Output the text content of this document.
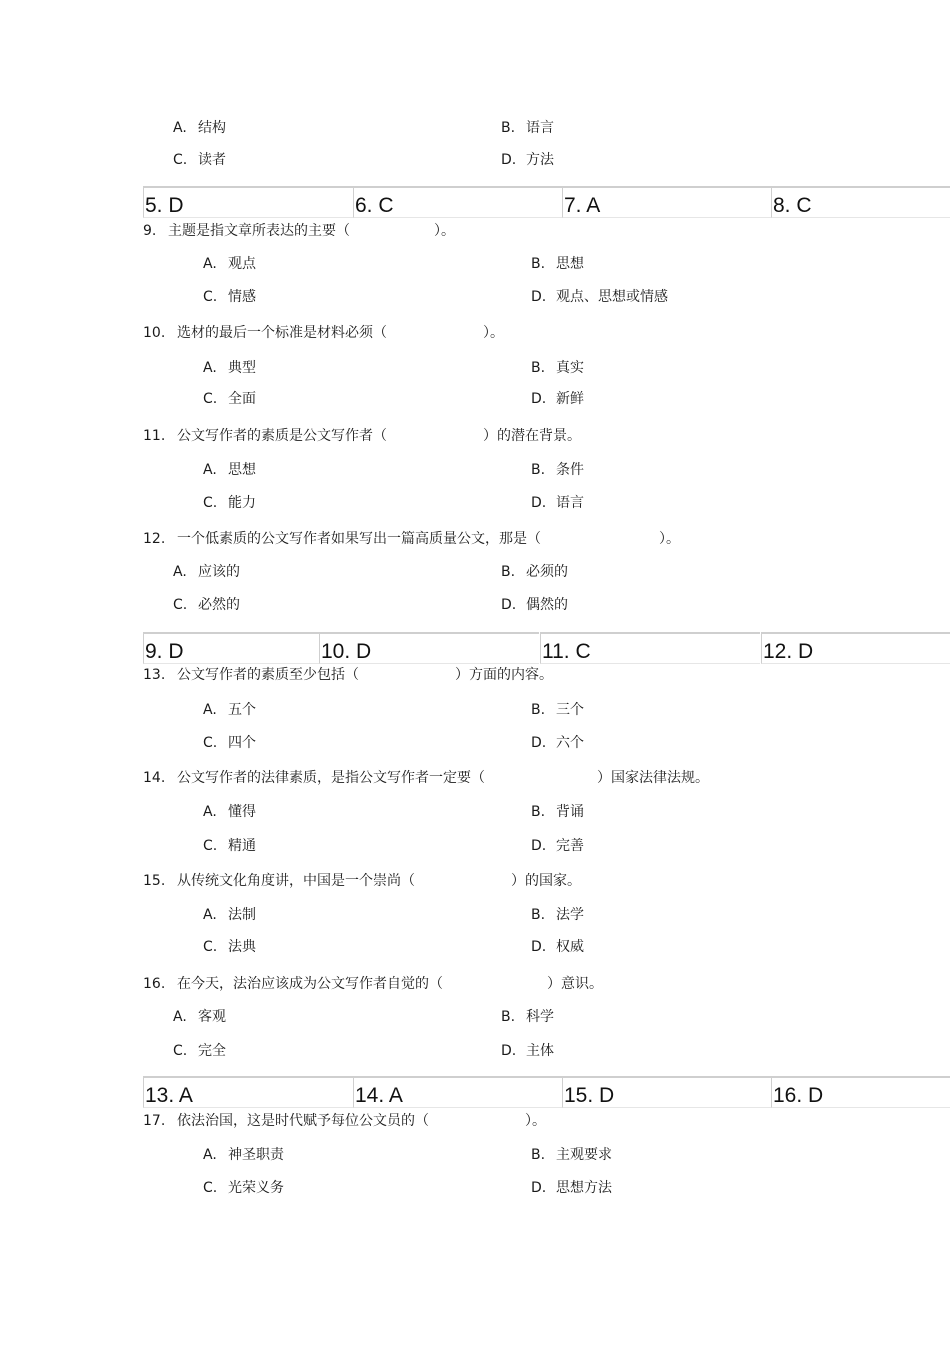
A. 结构	B. 语言
C. 读者	D. 方法
5. D	6. C	7. A	8. C
9. 主题是指文章所表达的主要（	）。
A. 观点	B. 思想
C. 情感	D. 观点、思想或情感
10. 选材的最后一个标准是材料必须（	）。
A. 典型	B. 真实
C. 全面	D. 新鲜
11. 公文写作者的素质是公文写作者（	）的潜在背景。
A. 思想	B. 条件
C. 能力	D. 语言
12. 一个低素质的公文写作者如果写出一篇高质量公文，那是（	）。
A. 应该的	B. 必须的
C. 必然的	D. 偶然的
9. D	10. D	11. C	12. D
13. 公文写作者的素质至少包括（	）方面的内容。
A. 五个	B. 三个
C. 四个	D. 六个
14. 公文写作者的法律素质，是指公文写作者一定要（	）国家法律法规。
A. 懂得	B. 背诵
C. 精通	D. 完善
15. 从传统文化角度讲，中国是一个崇尚（	）的国家。
A. 法制	B. 法学
C. 法典	D. 权威
16. 在今天，法治应该成为公文写作者自觉的（	）意识。
A. 客观	B. 科学
C. 完全	D. 主体
13. A	14. A	15. D	16. D
17. 依法治国，这是时代赋予每位公文员的（	）。
A. 神圣职责	B. 主观要求
C. 光荣义务	D. 思想方法
